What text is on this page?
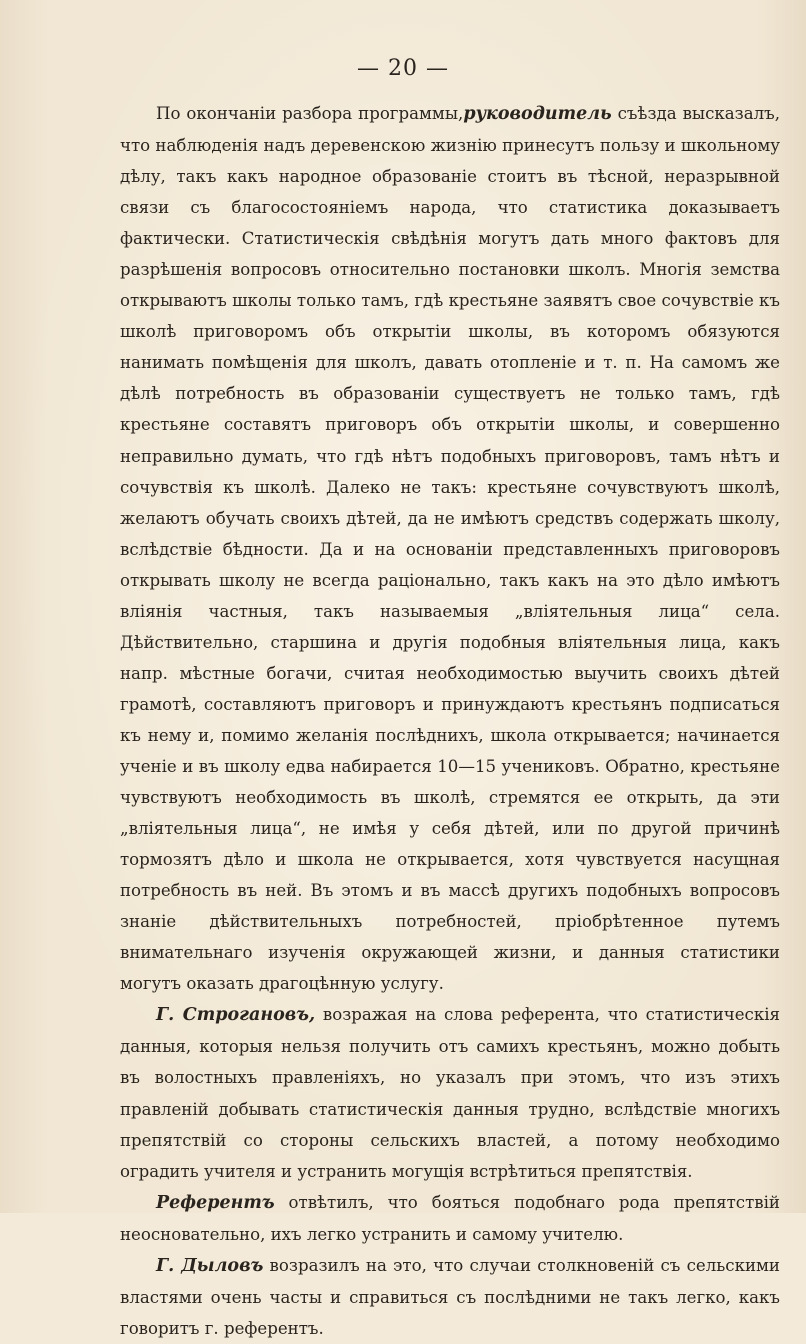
— 20 —

По окончаніи разбора программы,руководитель съѣзда высказалъ, что наблюденія надъ деревенскою жизнію принесутъ пользу и школьному дѣлу, такъ какъ народное образованіе стоитъ въ тѣсной, неразрывной связи съ благосостояніемъ народа, что статистика доказываетъ фактически. Статистическія свѣдѣнія могутъ дать много фактовъ для разрѣшенія вопросовъ относительно постановки школъ. Многія земства открываютъ школы только тамъ, гдѣ крестьяне заявятъ свое сочувствіе къ школѣ приговоромъ объ открытіи школы, въ которомъ обязуются нанимать помѣщенія для школъ, давать отопленіе и т. п. На самомъ же дѣлѣ потребность въ образованіи существуетъ не только тамъ, гдѣ крестьяне составятъ приговоръ объ открытіи школы, и совершенно неправильно думать, что гдѣ нѣтъ подобныхъ приговоровъ, тамъ нѣтъ и сочувствія къ школѣ. Далеко не такъ: крестьяне сочувствуютъ школѣ, желаютъ обучать своихъ дѣтей, да не имѣютъ средствъ содержать школу, вслѣдствіе бѣдности. Да и на основаніи представленныхъ приговоровъ открывать школу не всегда раціонально, такъ какъ на это дѣло имѣютъ вліянія частныя, такъ называемыя „вліятельныя лица“ села. Дѣйствительно, старшина и другія подобныя вліятельныя лица, какъ напр. мѣстные богачи, считая необходимостью выучить своихъ дѣтей грамотѣ, составляютъ приговоръ и принуждаютъ крестьянъ подписаться къ нему и, помимо желанія послѣднихъ, школа открывается; начинается ученіе и въ школу едва набирается 10—15 учениковъ. Обратно, крестьяне чувствуютъ необходимость въ школѣ, стремятся ее открыть, да эти „вліятельныя лица“, не имѣя у себя дѣтей, или по другой причинѣ тормозятъ дѣло и школа не открывается, хотя чувствуется насущная потребность въ ней. Въ этомъ и въ массѣ другихъ подобныхъ вопросовъ знаніе дѣйствительныхъ потребностей, пріобрѣтенное путемъ внимательнаго изученія окружающей жизни, и данныя статистики могутъ оказать драгоцѣнную услугу.

Г. Строгановъ, возражая на слова референта, что статистическія данныя, которыя нельзя получить отъ самихъ крестьянъ, можно добыть въ волостныхъ правленіяхъ, но указалъ при этомъ, что изъ этихъ правленій добывать статистическія данныя трудно, вслѣдствіе многихъ препятствій со стороны сельскихъ властей, а потому необходимо оградить учителя и устранить могущія встрѣтиться препятствія.

Референтъ отвѣтилъ, что бояться подобнаго рода препятствій неосновательно, ихъ легко устранить и самому учителю.

Г. Дыловъ возразилъ на это, что случаи столкновеній съ сельскими властями очень часты и справиться съ послѣдними не такъ легко, какъ говоритъ г. референтъ.
